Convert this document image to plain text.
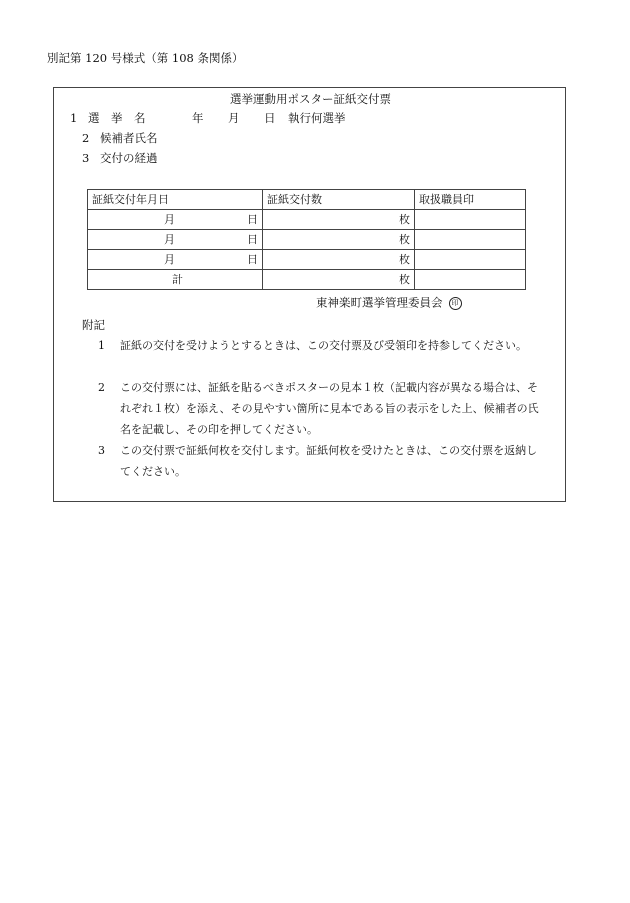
別記第 120 号様式（第 108 条関係）
選挙運動用ポスター証紙交付票
1 選　挙　名	年 月 日 執行何選挙
2 候補者氏名
3 交付の経過
証紙交付年月日	証紙交付数	取扱職員印

月 日	枚	

月 日	枚	

月 日	枚	

計	枚	
東神楽町選挙管理委員会 印
附記
1 証紙の交付を受けようとするときは、この交付票及び受領印を持参してください。
2 この交付票には、証紙を貼るべきポスターの見本１枚（記載内容が異なる場合は、それぞれ１枚）を添え、その見やすい箇所に見本である旨の表示をした上、候補者の氏名を記載し、その印を押してください。
3 この交付票で証紙何枚を交付します。証紙何枚を受けたときは、この交付票を返納してください。
